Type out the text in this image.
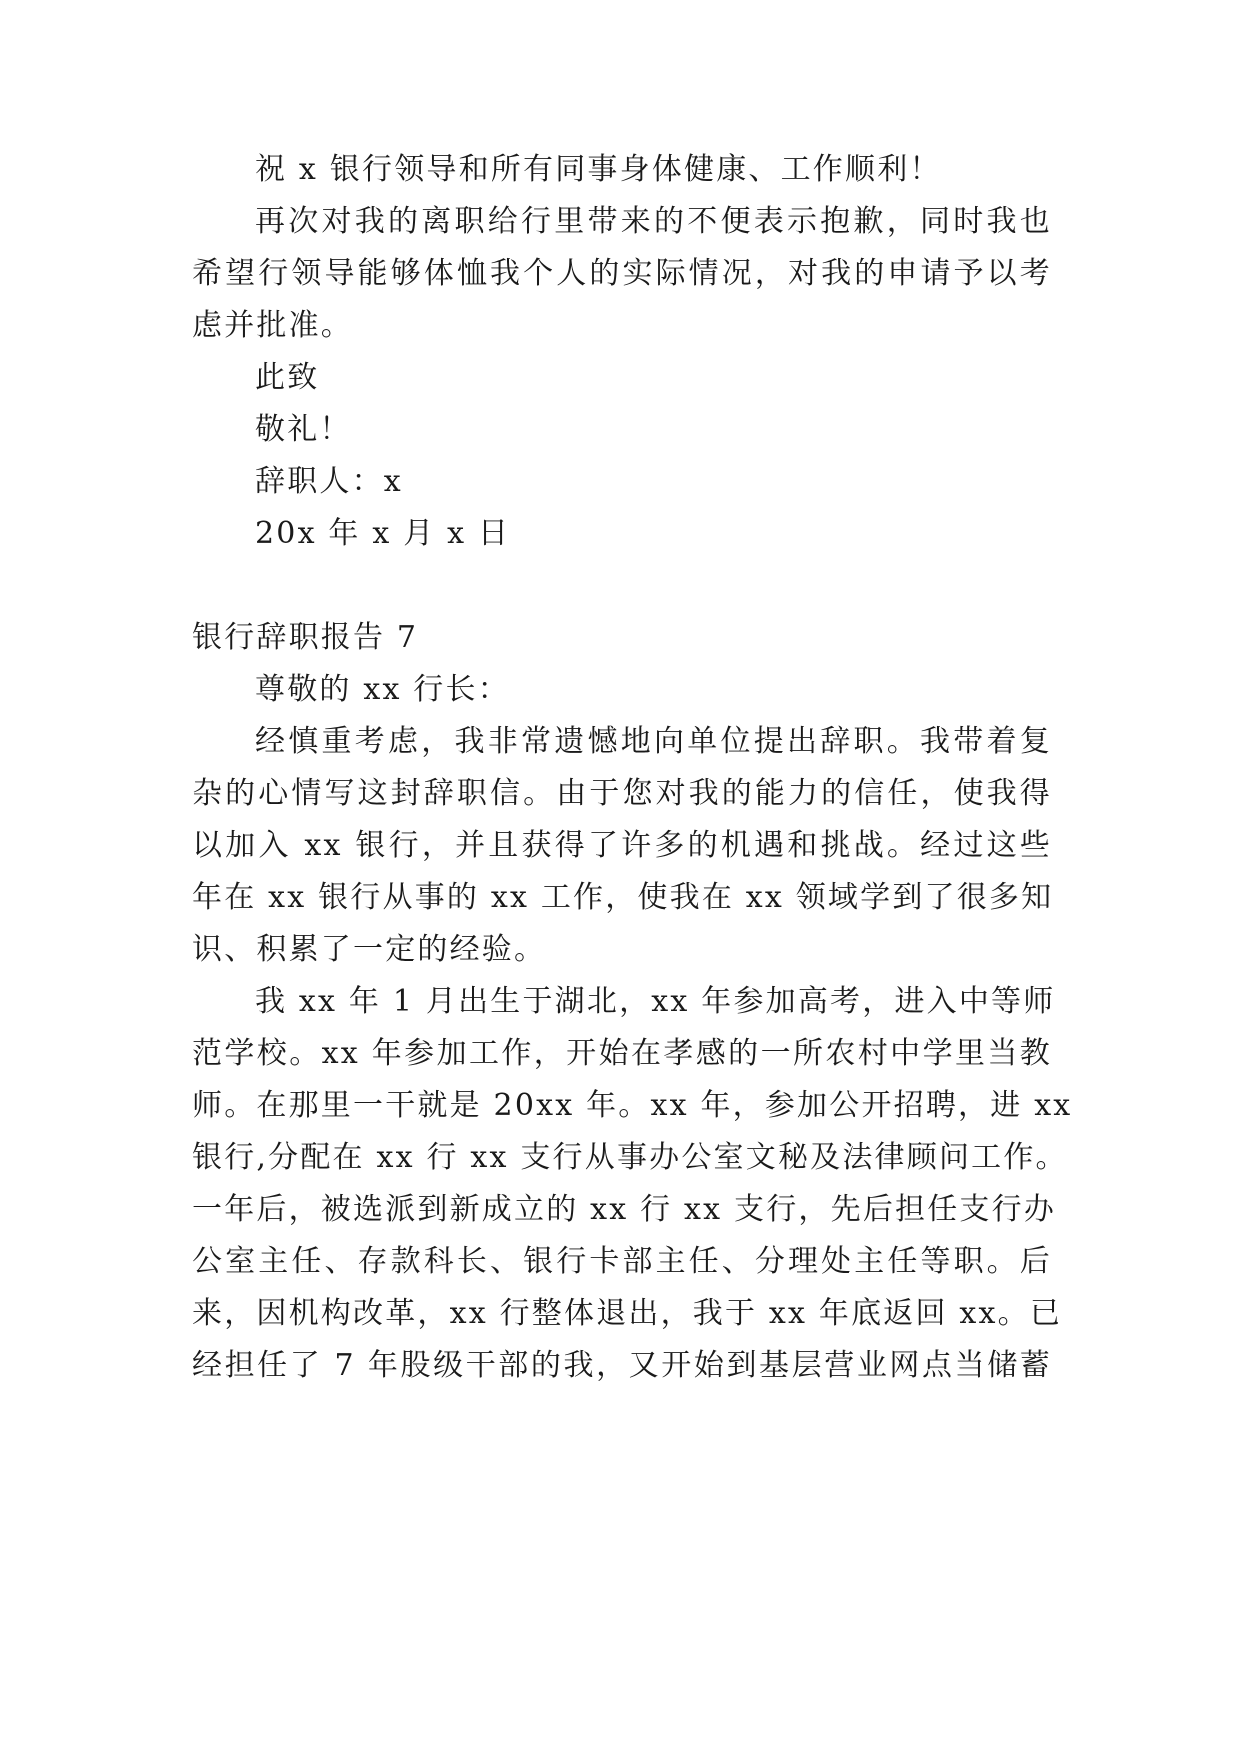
祝 x 银行领导和所有同事身体健康、工作顺利！
再次对我的离职给行里带来的不便表示抱歉，同时我也
希望行领导能够体恤我个人的实际情况，对我的申请予以考
虑并批准。
此致
敬礼！
辞职人：x
20x 年 x 月 x 日
银行辞职报告 7
尊敬的 xx 行长：
经慎重考虑，我非常遗憾地向单位提出辞职。我带着复
杂的心情写这封辞职信。由于您对我的能力的信任，使我得
以加入 xx 银行，并且获得了许多的机遇和挑战。经过这些
年在 xx 银行从事的 xx 工作，使我在 xx 领域学到了很多知
识、积累了一定的经验。
我 xx 年 1 月出生于湖北，xx 年参加高考，进入中等师
范学校。xx 年参加工作，开始在孝感的一所农村中学里当教
师。在那里一干就是 20xx 年。xx 年，参加公开招聘，进 xx
银行,分配在 xx 行 xx 支行从事办公室文秘及法律顾问工作。
一年后，被选派到新成立的 xx 行 xx 支行，先后担任支行办
公室主任、存款科长、银行卡部主任、分理处主任等职。后
来，因机构改革，xx 行整体退出，我于 xx 年底返回 xx。已
经担任了 7 年股级干部的我，又开始到基层营业网点当储蓄
